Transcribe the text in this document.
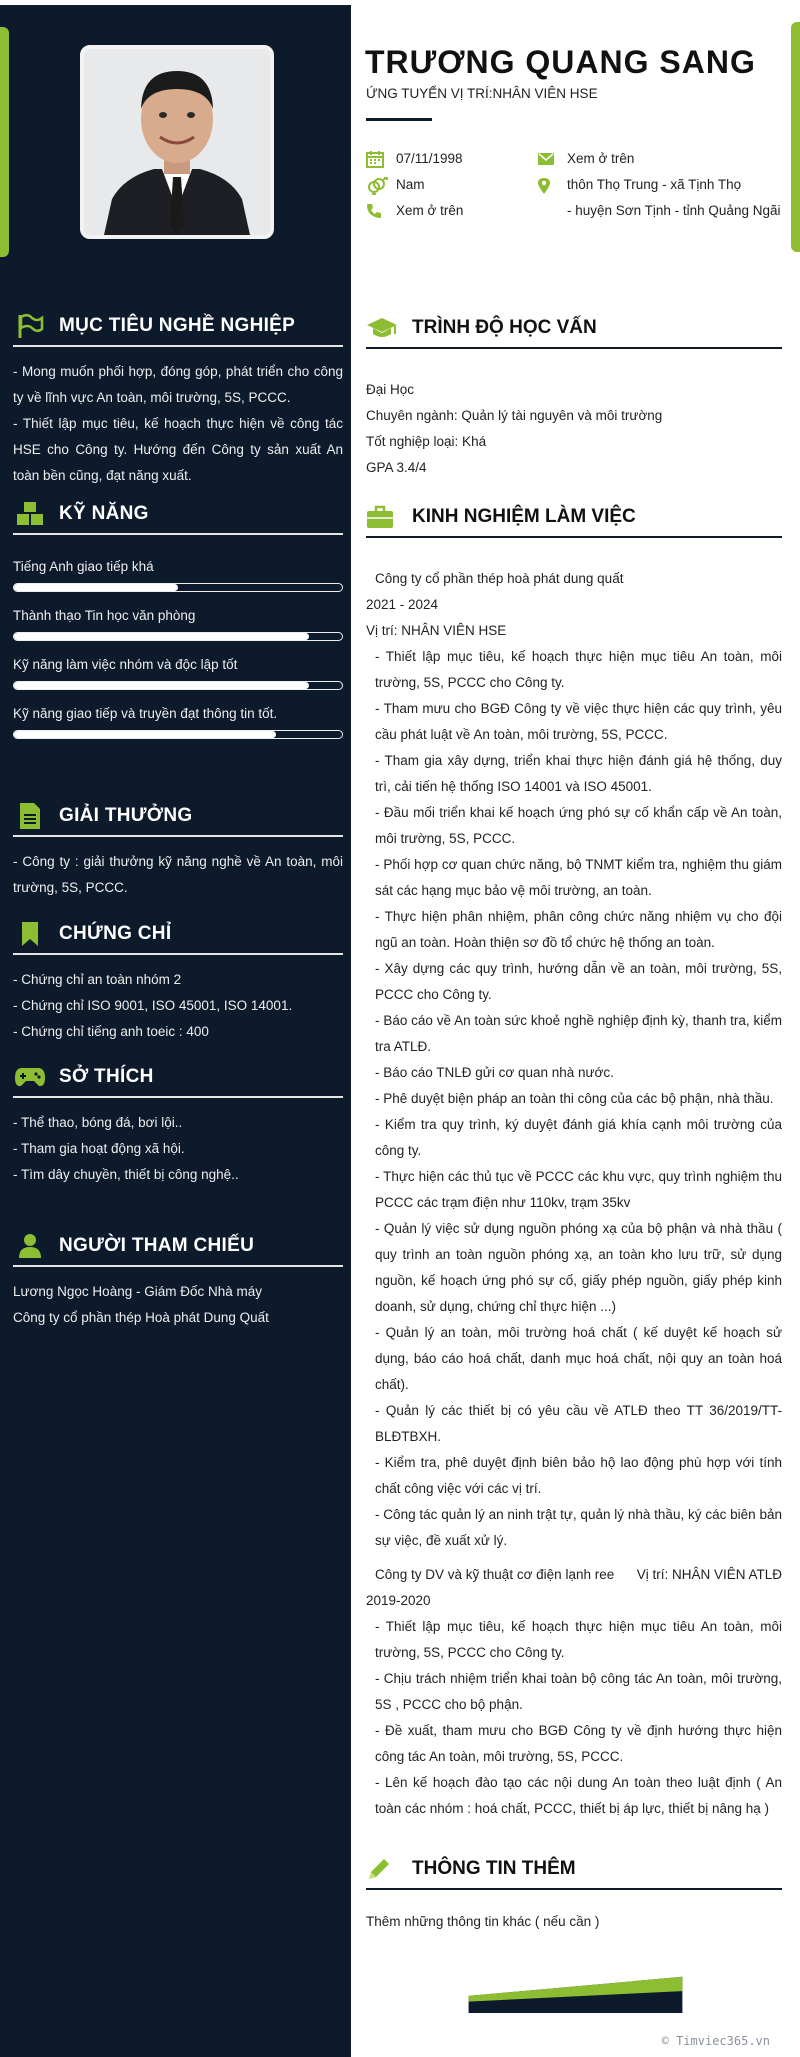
MỤC TIÊU NGHỀ NGHIỆP

- Mong muốn phối hợp, đóng góp, phát triển cho công ty về lĩnh vực An toàn, môi trường, 5S, PCCC.

- Thiết lập mục tiêu, kế hoạch thực hiện về công tác HSE cho Công ty. Hướng đến Công ty sản xuất An toàn bền cũng, đạt năng xuất.

KỸ NĂNG
Tiếng Anh giao tiếp khá
Thành thạo Tin học văn phòng
Kỹ năng làm việc nhóm và độc lập tốt
Kỹ năng giao tiếp và truyền đạt thông tin tốt.
GIẢI THƯỞNG

- Công ty : giải thưởng kỹ năng nghề về An toàn, môi trường, 5S, PCCC.

CHỨNG CHỈ

- Chứng chỉ an toàn nhóm 2

- Chứng chỉ ISO 9001, ISO 45001, ISO 14001.

- Chứng chỉ tiếng anh toeic : 400

SỞ THÍCH

- Thể thao, bóng đá, bơi lội..

- Tham gia hoạt động xã hội.

- Tìm dây chuyền, thiết bị công nghệ..

NGƯỜI THAM CHIẾU

Lương Ngọc Hoàng - Giám Đốc Nhà máy

Công ty cổ phần thép Hoà phát Dung Quất

TRƯƠNG QUANG SANG
ỨNG TUYỂN VỊ TRÍ:NHÂN VIÊN HSE
07/11/1998
Nam
Xem ở trên
Xem ở trên
thôn Thọ Trung - xã Tịnh Thọ
- huyện Sơn Tịnh - tỉnh Quảng Ngãi
TRÌNH ĐỘ HỌC VẤN

Đại Học

Chuyên ngành: Quản lý tài nguyên và môi trường

Tốt nghiệp loại: Khá

GPA 3.4/4

KINH NGHIỆM LÀM VIỆC

Công ty cổ phần thép hoà phát dung quất

2021 - 2024

Vị trí: NHÂN VIÊN HSE

- Thiết lập mục tiêu, kế hoạch thực hiện mục tiêu An toàn, môi trường, 5S, PCCC cho Công ty.

- Tham mưu cho BGĐ Công ty về việc thực hiện các quy trình, yêu cầu phát luật về An toàn, môi trường, 5S, PCCC.

- Tham gia xây dựng, triển khai thực hiện đánh giá hệ thống, duy trì, cải tiến hệ thống ISO 14001 và ISO 45001.

- Đầu mối triển khai kế hoạch ứng phó sự cố khẩn cấp về An toàn, môi trường, 5S, PCCC.

- Phối hợp cơ quan chức năng, bộ TNMT kiểm tra, nghiệm thu giám sát các hạng mục bảo vệ môi trường, an toàn.

- Thực hiện phân nhiệm, phân công chức năng nhiệm vụ cho đội ngũ an toàn. Hoàn thiện sơ đồ tổ chức hệ thống an toàn.

- Xây dựng các quy trình, hướng dẫn về an toàn, môi trường, 5S, PCCC cho Công ty.

- Báo cáo về An toàn sức khoẻ nghề nghiệp định kỳ, thanh tra, kiểm tra ATLĐ.

- Báo cáo TNLĐ gửi cơ quan nhà nước.

- Phê duyệt biện pháp an toàn thi công của các bộ phận, nhà thầu.

- Kiểm tra quy trình, ký duyệt đánh giá khía cạnh môi trường của công ty.

- Thực hiện các thủ tục về PCCC các khu vực, quy trình nghiệm thu PCCC các trạm điện như 110kv, trạm 35kv

- Quản lý việc sử dụng nguồn phóng xạ của bộ phận và nhà thầu ( quy trình an toàn nguồn phóng xạ, an toàn kho lưu trữ, sử dụng nguồn, kế hoạch ứng phó sự cố, giấy phép nguồn, giấy phép kinh doanh, sử dụng, chứng chỉ thực hiện ...)

- Quản lý an toàn, môi trường hoá chất ( kế duyệt kế hoạch sử dụng, báo cáo hoá chất, danh mục hoá chất, nội quy an toàn hoá chất).

- Quản lý các thiết bị có yêu cầu về ATLĐ theo TT 36/2019/TT-BLĐTBXH.

- Kiểm tra, phê duyệt định biên bảo hộ lao động phù hợp với tính chất công việc với các vị trí.

- Công tác quản lý an ninh trật tự, quản lý nhà thầu, ký các biên bản sự việc, đề xuất xử lý.

Công ty DV và kỹ thuật cơ điện lạnh ree Vị trí: NHÂN VIÊN ATLĐ

2019-2020

- Thiết lập mục tiêu, kế hoạch thực hiện mục tiêu An toàn, môi trường, 5S, PCCC cho Công ty.

- Chịu trách nhiệm triển khai toàn bộ công tác An toàn, môi trường, 5S , PCCC cho bộ phận.

- Đề xuất, tham mưu cho BGĐ Công ty về định hướng thực hiện công tác An toàn, môi trường, 5S, PCCC.

- Lên kế hoạch đào tạo các nội dung An toàn theo luật định ( An toàn các nhóm : hoá chất, PCCC, thiết bị áp lực, thiết bị nâng hạ )

THÔNG TIN THÊM

Thêm những thông tin khác ( nếu cần )

© Timviec365.vn
